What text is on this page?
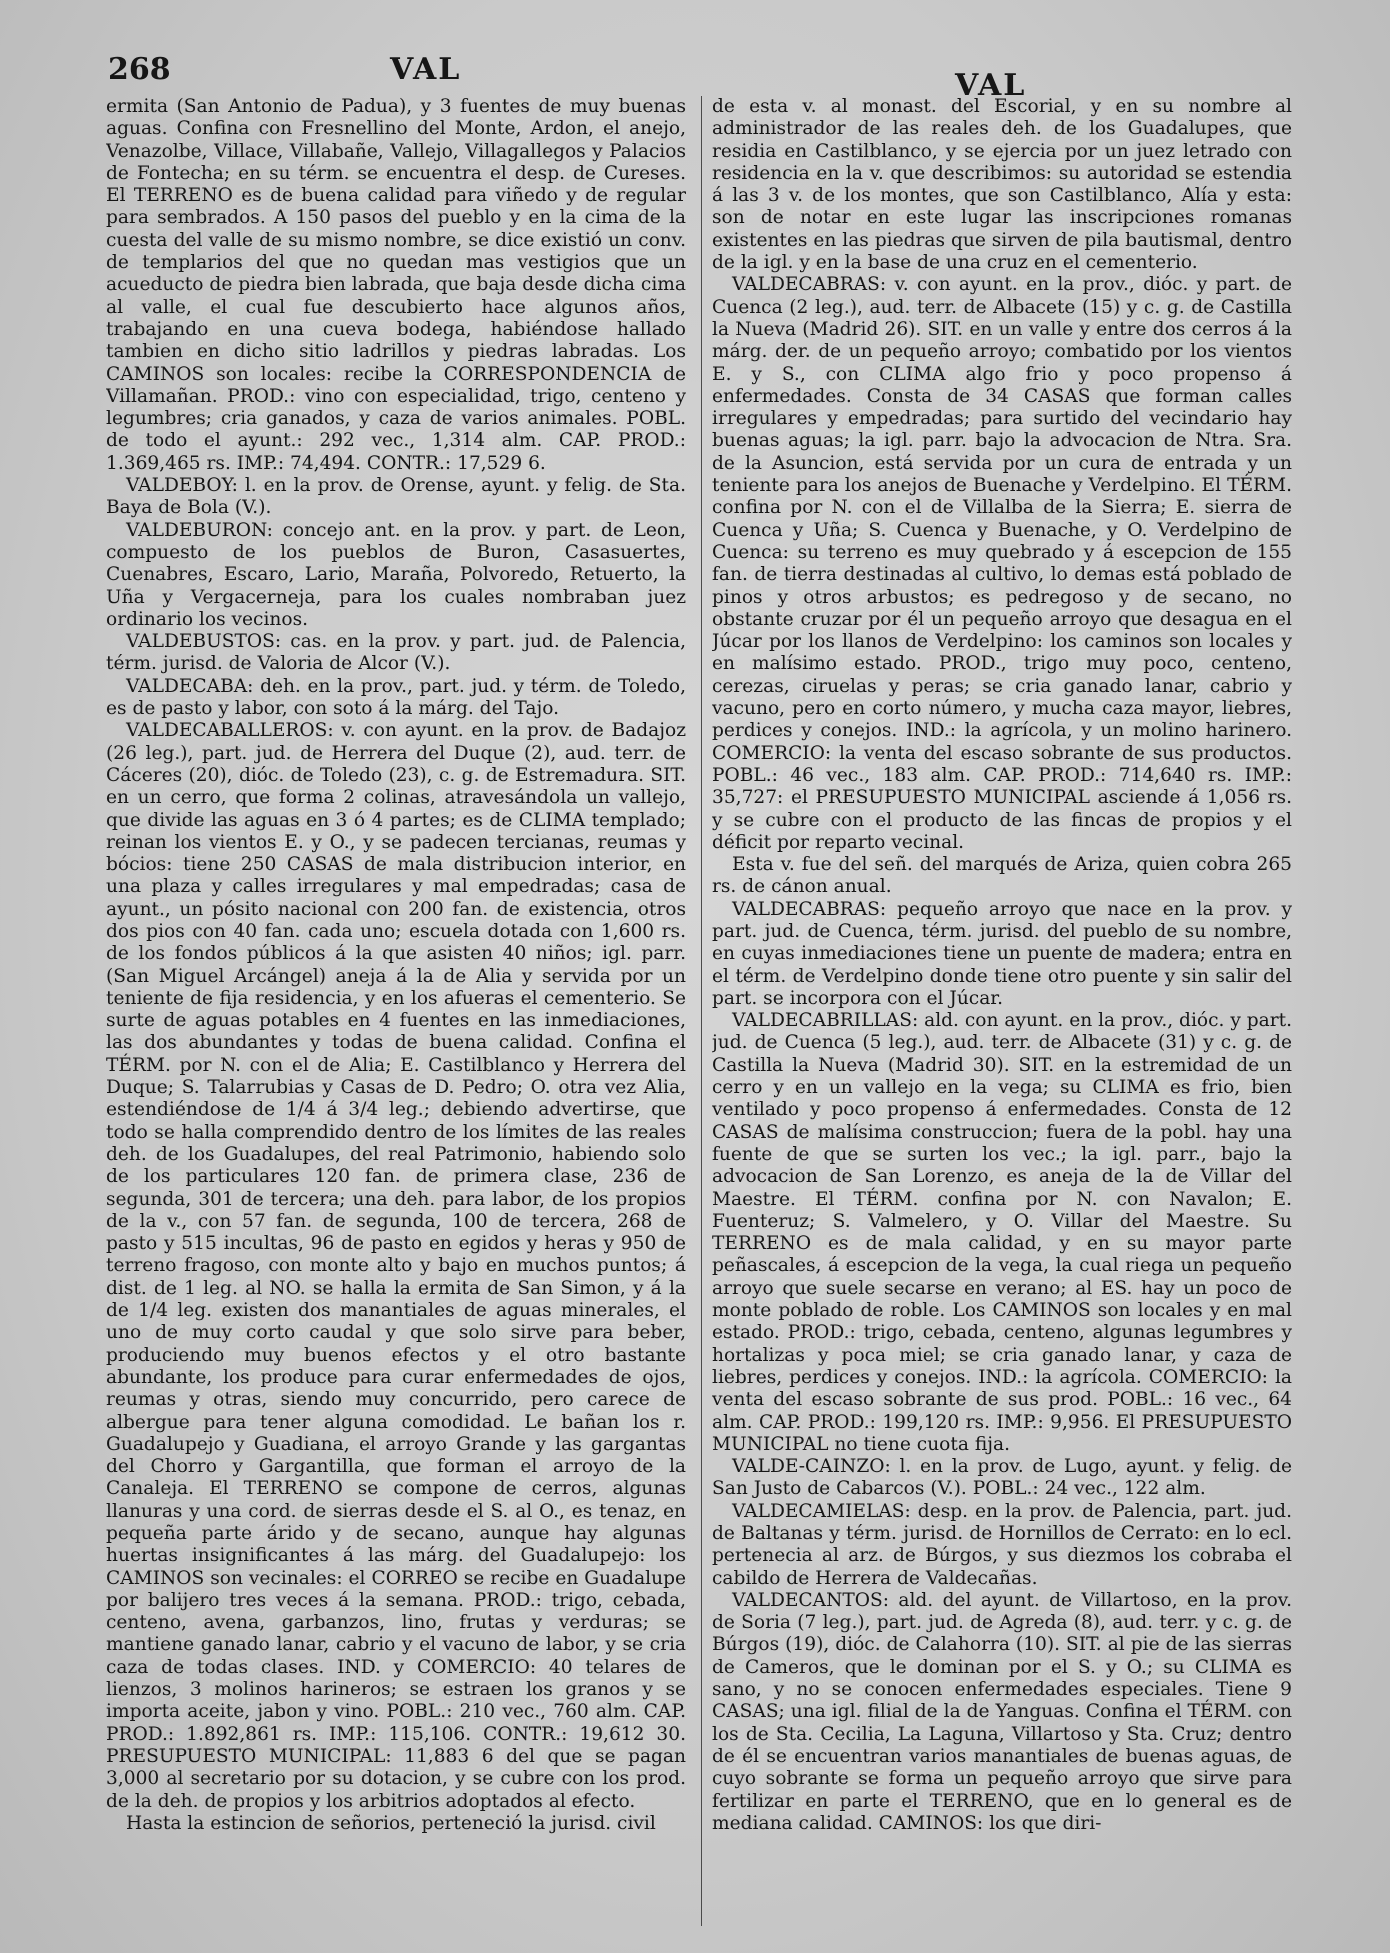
268	VAL	VAL

ermita (San Antonio de Padua), y 3 fuentes de muy buenas aguas. Confina con Fresnellino del Monte, Ardon, el anejo, Venazolbe, Villace, Villabañe, Vallejo, Villagallegos y Palacios de Fontecha; en su térm. se encuentra el desp. de Cureses. El TERRENO es de buena calidad para viñedo y de regular para sembrados. A 150 pasos del pueblo y en la cima de la cuesta del valle de su mismo nombre, se dice existió un conv. de templarios del que no quedan mas vestigios que un acueducto de piedra bien labrada, que baja desde dicha cima al valle, el cual fue descubierto hace algunos años, trabajando en una cueva bodega, habiéndose hallado tambien en dicho sitio ladrillos y piedras labradas. Los CAMINOS son locales: recibe la CORRESPONDENCIA de Villamañan. PROD.: vino con especialidad, trigo, centeno y legumbres; cria ganados, y caza de varios animales. POBL. de todo el ayunt.: 292 vec., 1,314 alm. CAP. PROD.: 1.369,465 rs. IMP.: 74,494. CONTR.: 17,529 6.

VALDEBOY: l. en la prov. de Orense, ayunt. y felig. de Sta. Baya de Bola (V.).

VALDEBURON: concejo ant. en la prov. y part. de Leon, compuesto de los pueblos de Buron, Casasuertes, Cuenabres, Escaro, Lario, Maraña, Polvoredo, Retuerto, la Uña y Vergacerneja, para los cuales nombraban juez ordinario los vecinos.

VALDEBUSTOS: cas. en la prov. y part. jud. de Palencia, térm. jurisd. de Valoria de Alcor (V.).

VALDECABA: deh. en la prov., part. jud. y térm. de Toledo, es de pasto y labor, con soto á la márg. del Tajo.

VALDECABALLEROS: v. con ayunt. en la prov. de Badajoz (26 leg.), part. jud. de Herrera del Duque (2), aud. terr. de Cáceres (20), dióc. de Toledo (23), c. g. de Estremadura. SIT. en un cerro, que forma 2 colinas, atravesándola un vallejo, que divide las aguas en 3 ó 4 partes; es de CLIMA templado; reinan los vientos E. y O., y se padecen tercianas, reumas y bócios: tiene 250 CASAS de mala distribucion interior, en una plaza y calles irregulares y mal empedradas; casa de ayunt., un pósito nacional con 200 fan. de existencia, otros dos pios con 40 fan. cada uno; escuela dotada con 1,600 rs. de los fondos públicos á la que asisten 40 niños; igl. parr. (San Miguel Arcángel) aneja á la de Alia y servida por un teniente de fija residencia, y en los afueras el cementerio. Se surte de aguas potables en 4 fuentes en las inmediaciones, las dos abundantes y todas de buena calidad. Confina el TÉRM. por N. con el de Alia; E. Castilblanco y Herrera del Duque; S. Talarrubias y Casas de D. Pedro; O. otra vez Alia, estendiéndose de 1/4 á 3/4 leg.; debiendo advertirse, que todo se halla comprendido dentro de los límites de las reales deh. de los Guadalupes, del real Patrimonio, habiendo solo de los particulares 120 fan. de primera clase, 236 de segunda, 301 de tercera; una deh. para labor, de los propios de la v., con 57 fan. de segunda, 100 de tercera, 268 de pasto y 515 incultas, 96 de pasto en egidos y heras y 950 de terreno fragoso, con monte alto y bajo en muchos puntos; á dist. de 1 leg. al NO. se halla la ermita de San Simon, y á la de 1/4 leg. existen dos manantiales de aguas minerales, el uno de muy corto caudal y que solo sirve para beber, produciendo muy buenos efectos y el otro bastante abundante, los produce para curar enfermedades de ojos, reumas y otras, siendo muy concurrido, pero carece de albergue para tener alguna comodidad. Le bañan los r. Guadalupejo y Guadiana, el arroyo Grande y las gargantas del Chorro y Gargantilla, que forman el arroyo de la Canaleja. El TERRENO se compone de cerros, algunas llanuras y una cord. de sierras desde el S. al O., es tenaz, en pequeña parte árido y de secano, aunque hay algunas huertas insignificantes á las márg. del Guadalupejo: los CAMINOS son vecinales: el CORREO se recibe en Guadalupe por balijero tres veces á la semana. PROD.: trigo, cebada, centeno, avena, garbanzos, lino, frutas y verduras; se mantiene ganado lanar, cabrio y el vacuno de labor, y se cria caza de todas clases. IND. y COMERCIO: 40 telares de lienzos, 3 molinos harineros; se estraen los granos y se importa aceite, jabon y vino. POBL.: 210 vec., 760 alm. CAP. PROD.: 1.892,861 rs. IMP.: 115,106. CONTR.: 19,612 30. PRESUPUESTO MUNICIPAL: 11,883 6 del que se pagan 3,000 al secretario por su dotacion, y se cubre con los prod. de la deh. de propios y los arbitrios adoptados al efecto.

Hasta la estincion de señorios, perteneció la jurisd. civil

de esta v. al monast. del Escorial, y en su nombre al administrador de las reales deh. de los Guadalupes, que residia en Castilblanco, y se ejercia por un juez letrado con residencia en la v. que describimos: su autoridad se estendia á las 3 v. de los montes, que son Castilblanco, Alía y esta: son de notar en este lugar las inscripciones romanas existentes en las piedras que sirven de pila bautismal, dentro de la igl. y en la base de una cruz en el cementerio.

VALDECABRAS: v. con ayunt. en la prov., dióc. y part. de Cuenca (2 leg.), aud. terr. de Albacete (15) y c. g. de Castilla la Nueva (Madrid 26). SIT. en un valle y entre dos cerros á la márg. der. de un pequeño arroyo; combatido por los vientos E. y S., con CLIMA algo frio y poco propenso á enfermedades. Consta de 34 CASAS que forman calles irregulares y empedradas; para surtido del vecindario hay buenas aguas; la igl. parr. bajo la advocacion de Ntra. Sra. de la Asuncion, está servida por un cura de entrada y un teniente para los anejos de Buenache y Verdelpino. El TÉRM. confina por N. con el de Villalba de la Sierra; E. sierra de Cuenca y Uña; S. Cuenca y Buenache, y O. Verdelpino de Cuenca: su terreno es muy quebrado y á escepcion de 155 fan. de tierra destinadas al cultivo, lo demas está poblado de pinos y otros arbustos; es pedregoso y de secano, no obstante cruzar por él un pequeño arroyo que desagua en el Júcar por los llanos de Verdelpino: los caminos son locales y en malísimo estado. PROD., trigo muy poco, centeno, cerezas, ciruelas y peras; se cria ganado lanar, cabrio y vacuno, pero en corto número, y mucha caza mayor, liebres, perdices y conejos. IND.: la agrícola, y un molino harinero. COMERCIO: la venta del escaso sobrante de sus productos. POBL.: 46 vec., 183 alm. CAP. PROD.: 714,640 rs. IMP.: 35,727: el PRESUPUESTO MUNICIPAL asciende á 1,056 rs. y se cubre con el producto de las fincas de propios y el déficit por reparto vecinal.

Esta v. fue del señ. del marqués de Ariza, quien cobra 265 rs. de cánon anual.

VALDECABRAS: pequeño arroyo que nace en la prov. y part. jud. de Cuenca, térm. jurisd. del pueblo de su nombre, en cuyas inmediaciones tiene un puente de madera; entra en el térm. de Verdelpino donde tiene otro puente y sin salir del part. se incorpora con el Júcar.

VALDECABRILLAS: ald. con ayunt. en la prov., dióc. y part. jud. de Cuenca (5 leg.), aud. terr. de Albacete (31) y c. g. de Castilla la Nueva (Madrid 30). SIT. en la estremidad de un cerro y en un vallejo en la vega; su CLIMA es frio, bien ventilado y poco propenso á enfermedades. Consta de 12 CASAS de malísima construccion; fuera de la pobl. hay una fuente de que se surten los vec.; la igl. parr., bajo la advocacion de San Lorenzo, es aneja de la de Villar del Maestre. El TÉRM. confina por N. con Navalon; E. Fuenteruz; S. Valmelero, y O. Villar del Maestre. Su TERRENO es de mala calidad, y en su mayor parte peñascales, á escepcion de la vega, la cual riega un pequeño arroyo que suele secarse en verano; al ES. hay un poco de monte poblado de roble. Los CAMINOS son locales y en mal estado. PROD.: trigo, cebada, centeno, algunas legumbres y hortalizas y poca miel; se cria ganado lanar, y caza de liebres, perdices y conejos. IND.: la agrícola. COMERCIO: la venta del escaso sobrante de sus prod. POBL.: 16 vec., 64 alm. CAP. PROD.: 199,120 rs. IMP.: 9,956. El PRESUPUESTO MUNICIPAL no tiene cuota fija.

VALDE-CAINZO: l. en la prov. de Lugo, ayunt. y felig. de San Justo de Cabarcos (V.). POBL.: 24 vec., 122 alm.

VALDECAMIELAS: desp. en la prov. de Palencia, part. jud. de Baltanas y térm. jurisd. de Hornillos de Cerrato: en lo ecl. pertenecia al arz. de Búrgos, y sus diezmos los cobraba el cabildo de Herrera de Valdecañas.

VALDECANTOS: ald. del ayunt. de Villartoso, en la prov. de Soria (7 leg.), part. jud. de Agreda (8), aud. terr. y c. g. de Búrgos (19), dióc. de Calahorra (10). SIT. al pie de las sierras de Cameros, que le dominan por el S. y O.; su CLIMA es sano, y no se conocen enfermedades especiales. Tiene 9 CASAS; una igl. filial de la de Yanguas. Confina el TÉRM. con los de Sta. Cecilia, La Laguna, Villartoso y Sta. Cruz; dentro de él se encuentran varios manantiales de buenas aguas, de cuyo sobrante se forma un pequeño arroyo que sirve para fertilizar en parte el TERRENO, que en lo general es de mediana calidad. CAMINOS: los que diri-
